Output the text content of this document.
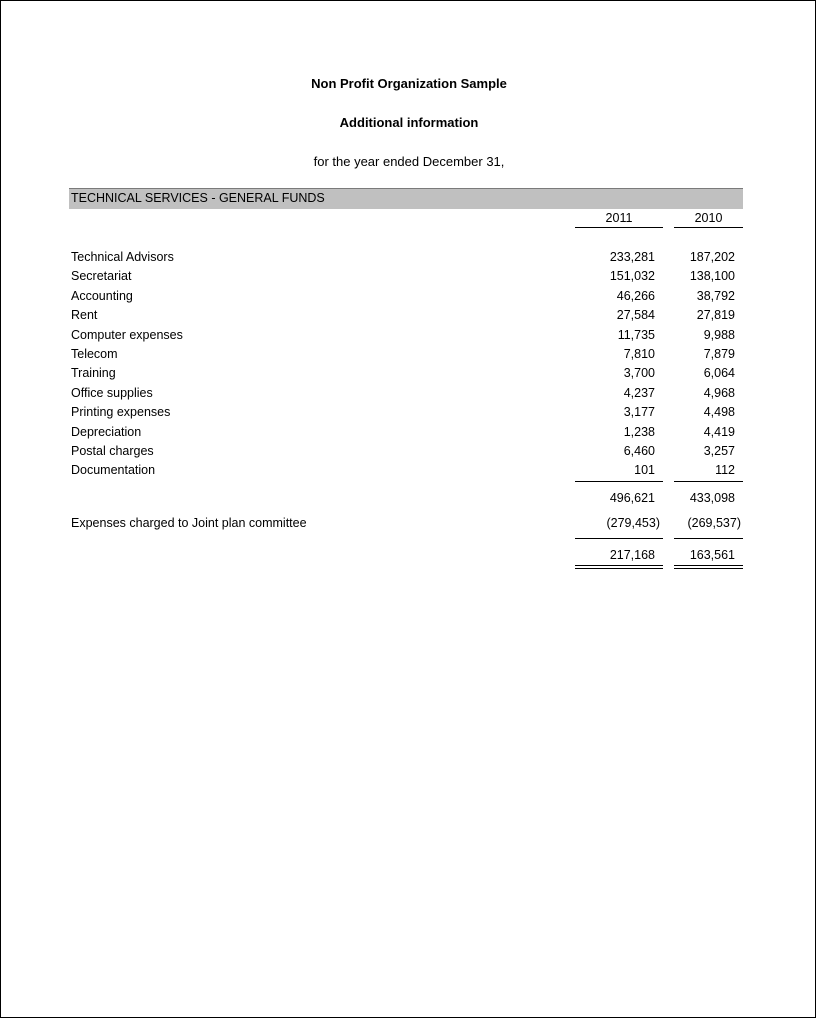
Non Profit Organization Sample
Additional information
for the year ended December 31,
TECHNICAL SERVICES - GENERAL FUNDS
2011	2010
Technical Advisors	233,281	187,202
Secretariat	151,032	138,100
Accounting	46,266	38,792
Rent	27,584	27,819
Computer expenses	11,735	9,988
Telecom	7,810	7,879
Training	3,700	6,064
Office supplies	4,237	4,968
Printing expenses	3,177	4,498
Depreciation	1,238	4,419
Postal charges	6,460	3,257
Documentation	101	112
496,621	433,098
Expenses charged to Joint plan committee	(279,453)	(269,537)
217,168	163,561
